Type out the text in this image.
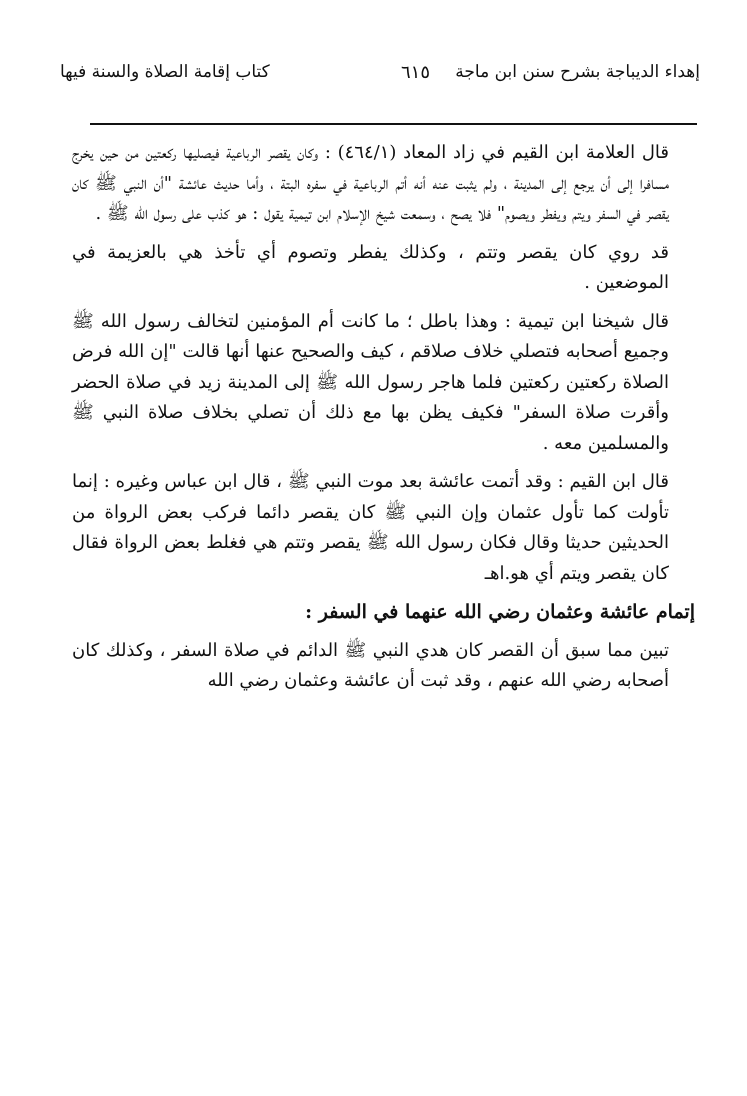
إهداء الديباجة بشرح سنن ابن ماجة
٦١٥
كتاب إقامة الصلاة والسنة فيها

قال العلامة ابن القيم في زاد المعاد (٤٦٤/١) : وكان يقصر الرباعية فيصليها ركعتين من حين يخرج مسافرا إلى أن يرجع إلى المدينة ، ولم يثبت عنه أنه أتم الرباعية في سفره البتة ، وأما حديث عائشة "أن النبي ﷺ كان يقصر في السفر ويتم ويفطر ويصوم" فلا يصح ، وسمعت شيخ الإسلام ابن تيمية يقول : هو كذب على رسول الله ﷺ .

قد روي كان يقصر وتتم ، وكذلك يفطر وتصوم أي تأخذ هي بالعزيمة في الموضعين .

قال شيخنا ابن تيمية : وهذا باطل ؛ ما كانت أم المؤمنين لتخالف رسول الله ﷺ وجميع أصحابه فتصلي خلاف صلاقم ، كيف والصحيح عنها أنها قالت "إن الله فرض الصلاة ركعتين ركعتين فلما هاجر رسول الله ﷺ إلى المدينة زيد في صلاة الحضر وأقرت صلاة السفر" فكيف يظن بها مع ذلك أن تصلي بخلاف صلاة النبي ﷺ والمسلمين معه .

قال ابن القيم : وقد أتمت عائشة بعد موت النبي ﷺ ، قال ابن عباس وغيره : إنما تأولت كما تأول عثمان وإن النبي ﷺ كان يقصر دائما فركب بعض الرواة من الحديثين حديثا وقال فكان رسول الله ﷺ يقصر وتتم هي فغلط بعض الرواة فقال كان يقصر ويتم أي هو.اهـ

إتمام عائشة وعثمان رضي الله عنهما في السفر :

تبين مما سبق أن القصر كان هدي النبي ﷺ الدائم في صلاة السفر ، وكذلك كان أصحابه رضي الله عنهم ، وقد ثبت أن عائشة وعثمان رضي الله
